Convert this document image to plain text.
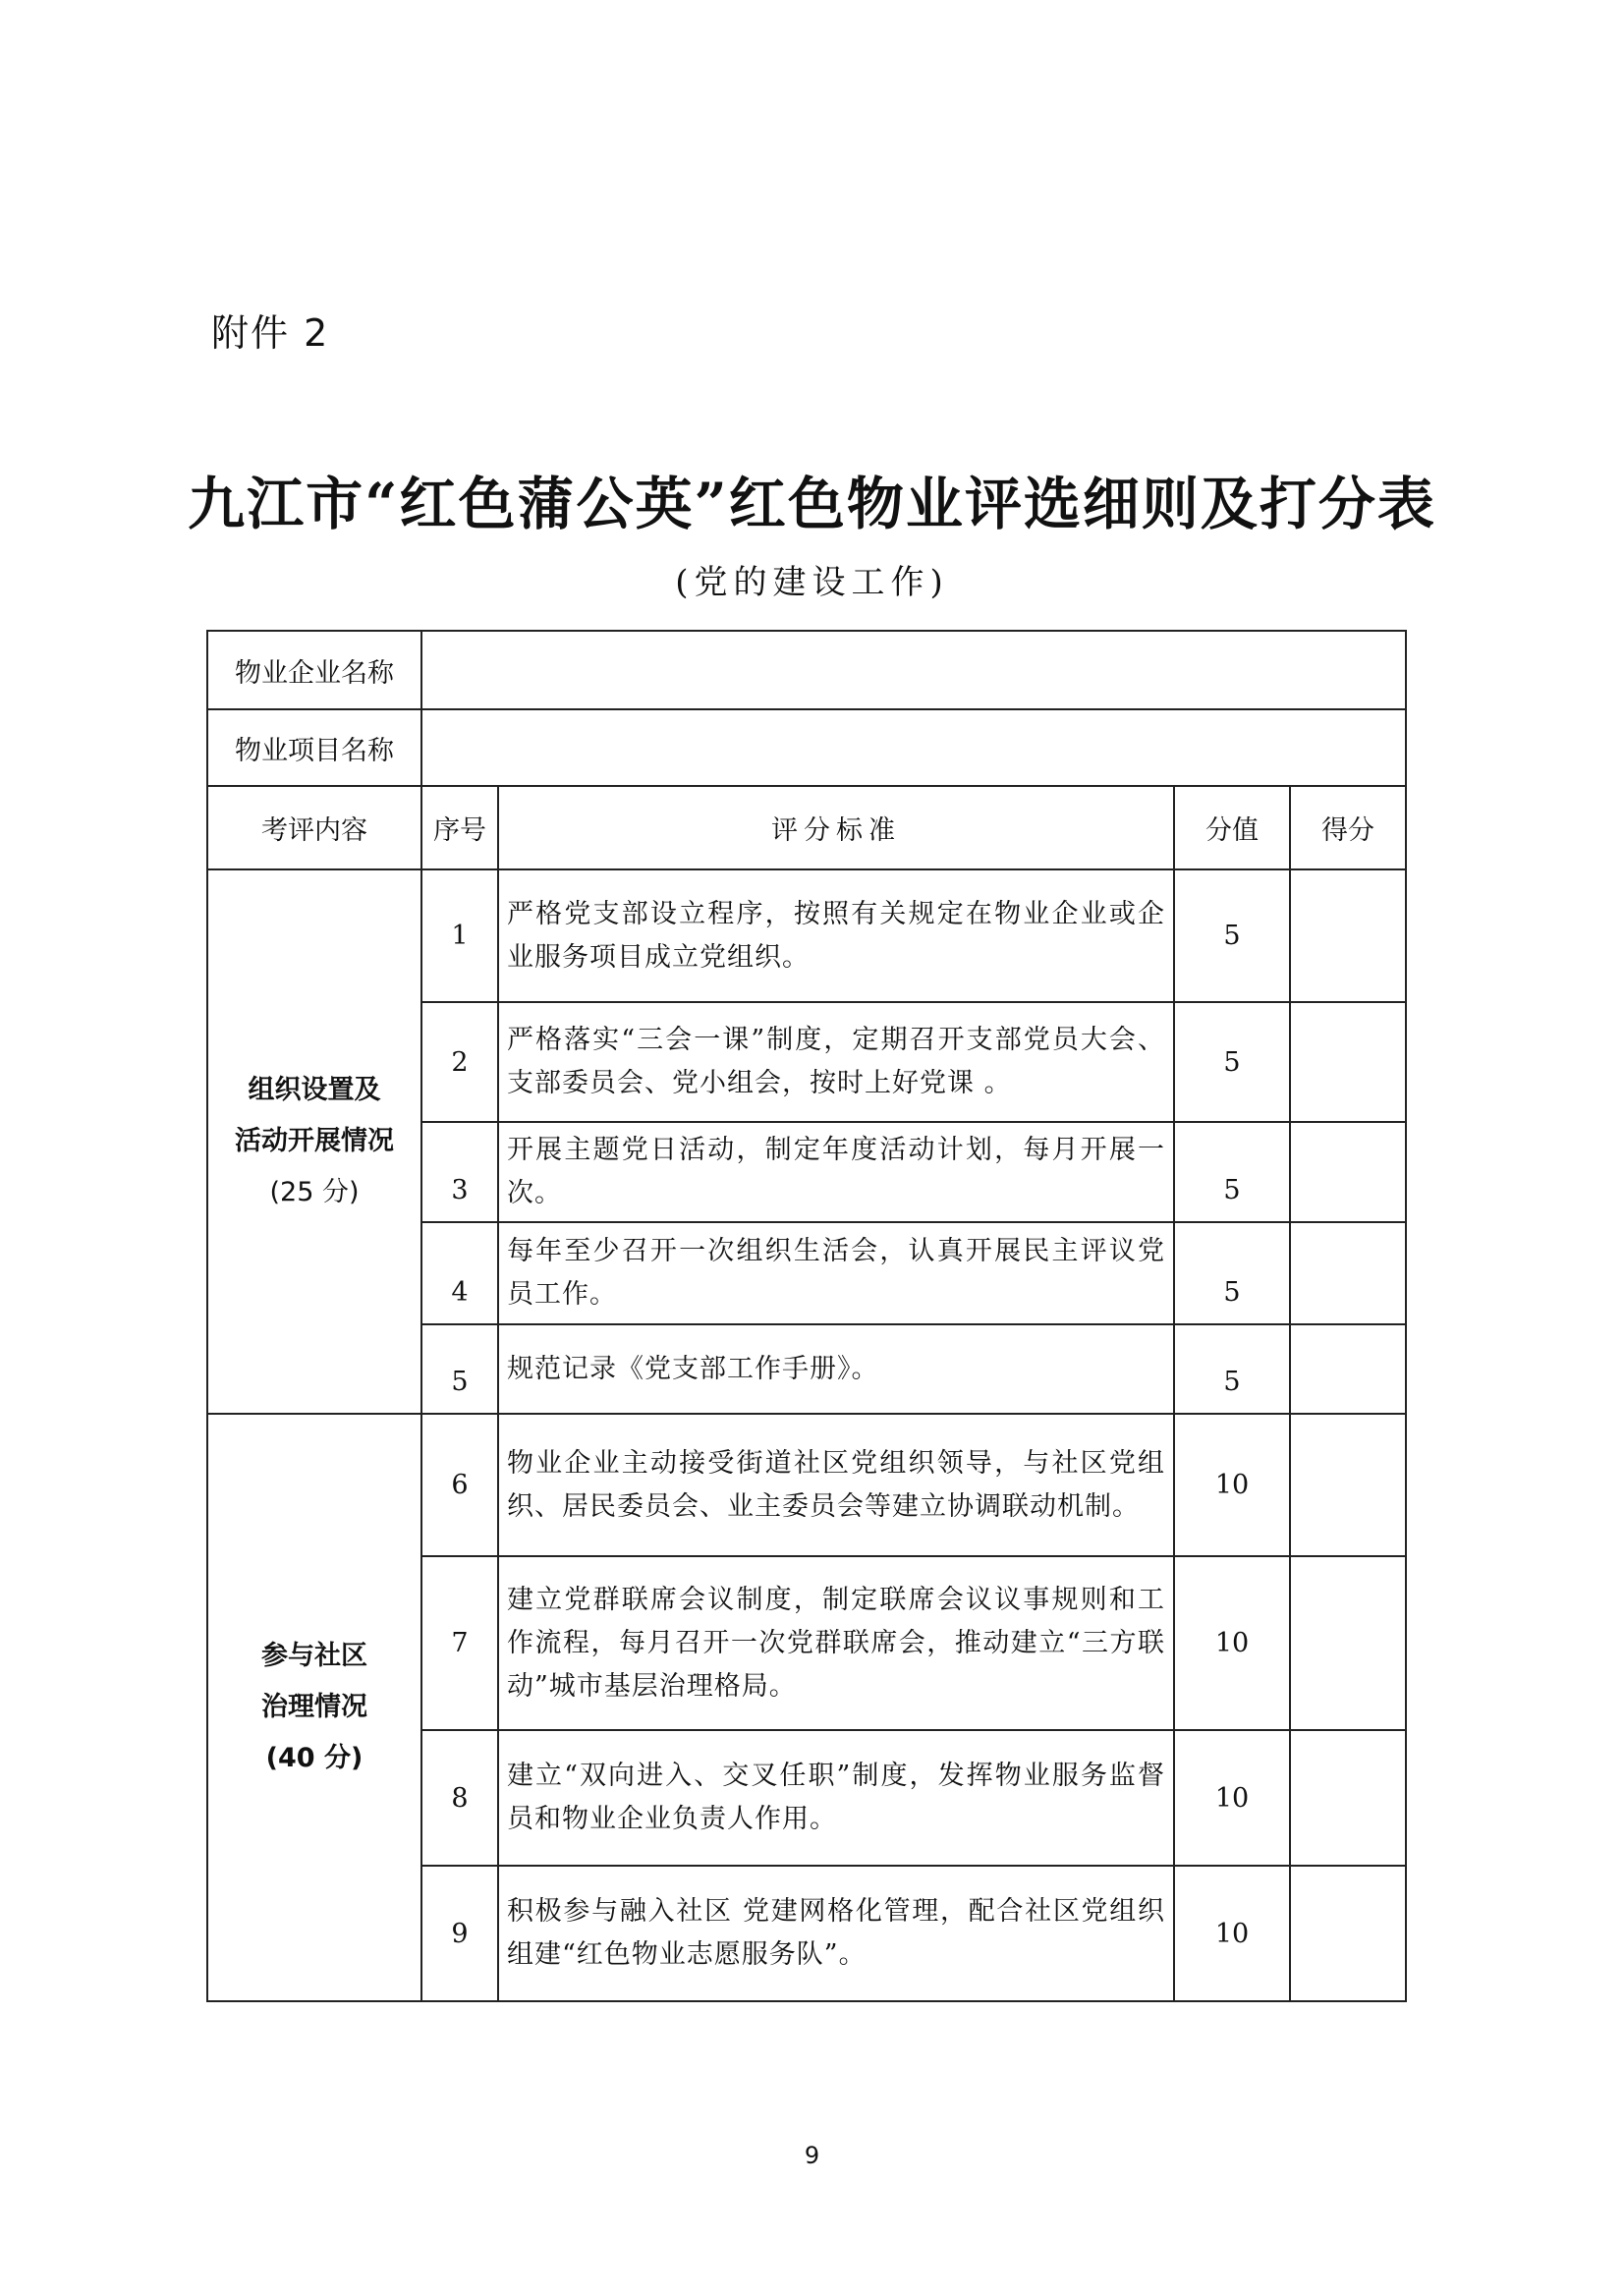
附件 2
九江市“红色蒲公英”红色物业评选细则及打分表
(党的建设工作)
物业企业名称				
物业项目名称				
考评内容	序号	评分标准	分值	得分

组织设置及
活动开展情况
(25 分)	1	严格党支部设立程序，按照有关规定在物业企业或企业服务项目成立党组织。	5	
	2	严格落实“三会一课”制度，定期召开支部党员大会、支部委员会、党小组会，按时上好党课 。	5	
	3	开展主题党日活动，制定年度活动计划，每月开展一次。	5	
	4	每年至少召开一次组织生活会，认真开展民主评议党员工作。	5	
	5	规范记录《党支部工作手册》。	5	

参与社区
治理情况
(40 分)	6	物业企业主动接受街道社区党组织领导，与社区党组织、居民委员会、业主委员会等建立协调联动机制。	10	
	7	建立党群联席会议制度，制定联席会议议事规则和工作流程，每月召开一次党群联席会，推动建立“三方联动”城市基层治理格局。	10	
	8	建立“双向进入、交叉任职”制度，发挥物业服务监督员和物业企业负责人作用。	10	
	9	积极参与融入社区 党建网格化管理，配合社区党组织组建“红色物业志愿服务队”。	10	
9
